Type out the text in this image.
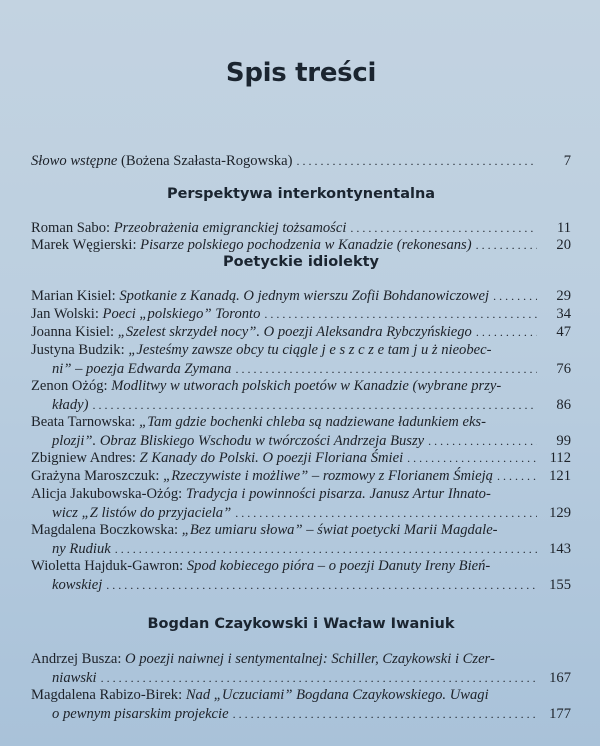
Spis treści
Słowo wstępne (Bożena Szałasta-Rogowska) . . .	7
Perspektywa interkontynentalna
Roman Sabo: Przeobrażenia emigranckiej tożsamości . . .	11
Marek Węgierski: Pisarze polskiego pochodzenia w Kanadzie (rekonesans) . . .	20
Poetyckie idiolekty
Marian Kisiel: Spotkanie z Kanadą. O jednym wierszu Zofii Bohdanowiczowej . . .	29
Jan Wolski: Poeci „polskiego” Toronto . . .	34
Joanna Kisiel: „Szelest skrzydeł nocy”. O poezji Aleksandra Rybczyńskiego . . .	47
Justyna Budzik: „Jesteśmy zawsze obcy tu ciągle j e s z c z e tam j u ż nieobec-
ni” – poezja Edwarda Zymana . . .	76
Zenon Ożóg: Modlitwy w utworach polskich poetów w Kanadzie (wybrane przy-
kłady) . . .	86
Beata Tarnowska: „Tam gdzie bochenki chleba są nadziewane ładunkiem eks-
plozji”. Obraz Bliskiego Wschodu w twórczości Andrzeja Buszy . . .	99
Zbigniew Andres: Z Kanady do Polski. O poezji Floriana Śmiei . . .	112
Grażyna Maroszczuk: „Rzeczywiste i możliwe” – rozmowy z Florianem Śmieją . . .	121
Alicja Jakubowska-Ożóg: Tradycja i powinności pisarza. Janusz Artur Ihnato-
wicz „Z listów do przyjaciela” . . .	129
Magdalena Boczkowska: „Bez umiaru słowa” – świat poetycki Marii Magdale-
ny Rudiuk . . .	143
Wioletta Hajduk-Gawron: Spod kobiecego pióra – o poezji Danuty Ireny Bień-
kowskiej . . .	155
Bogdan Czaykowski i Wacław Iwaniuk
Andrzej Busza: O poezji naiwnej i sentymentalnej: Schiller, Czaykowski i Czer-
niawski . . .	167
Magdalena Rabizo-Birek: Nad „Uczuciami” Bogdana Czaykowskiego. Uwagi
o pewnym pisarskim projekcie . . .	177
